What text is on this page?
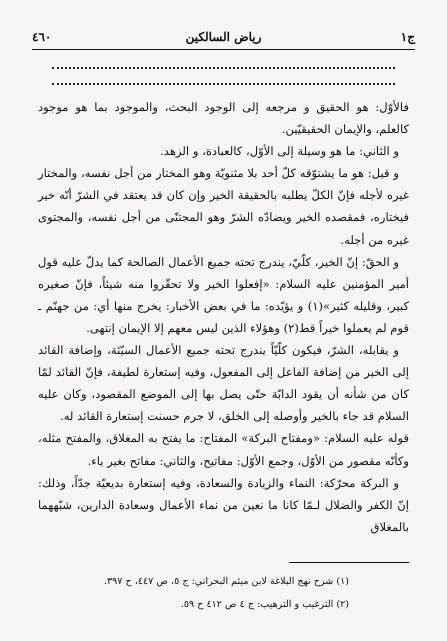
ج١
رياض السالكين
٤٦٠

فالأوّل: هو الحقيق و مرجعه إلى الوجود البحث، والموجود بما هو موجود كالعلم، والإيمان الحقيقيّين.

و الثاني: ما هو وسيلة إلى الأوّل، كالعبادة، و الزهد.

و قيل: هو ما يشتوّقه كلّ أحد بلا مثنويّة وهو المختار من أجل نفسه، والمختار غيره لأجله فإنّ الكلّ يطلبه بالحقيقة الخير وإن كان قد يعتقد في الشرّ أنّه خير فيختاره، فمقصده الخير ويضادّه الشرّ وهو المجتنّى من أجل نفسه، والمجتوى غيره من أجله.

و الحقّ: إنّ الخير، كلّيّ، يندرج تحته جميع الأعمال الصالحة كما يدلّ عليه قول أمير المؤمنين عليه السلام: «إفعلوا الخير ولا تحقّروا منه شيئاً، فإنّ صغيره كبير، وقليله كثير»(١) و يؤيّده: ما في بعض الأخبار: يخرج منها أي: من جهنّم ـ قوم لم يعملوا خيراً قط(٢) وهؤلاء الذين ليس معهم إلا الإيمان إنتهى.

و يقابله، الشرّ، فيكون كلّيّاً يندرج تحته جميع الأعمال السيّئة، وإضافة القائد إلى الخير من إضافة الفاعل إلى المفعول، وفيه إستعارة لطيفة، فإنّ القائد لمّا كان من شأنه أن يقود الدابّة حتّى يصل بها إلى الموضع المقصود، وكان عليه السلام قد جاء بالخير وأوصله إلى الخلق، لا جرم حسنت إستعارة القائد له.

قوله عليه السلام: «ومفتاح البركة» المفتاح: ما يفتح به المغلاق، والمفتح مثله، وكأنّه مقصور من الأوّل، وجمع الأوّل: مفاتيح، والثاني: مفاتح بغير ياء.

و البركة محرّكة: النماء والزيادة والسعادة، وفيه إستعارة بديعيّة جدّاً، وذلك: إنّ الكفر والضلال لـمّا كانا ما نعين من نماء الأعمال وسعادة الدارين، شبّههما بالمغلاق

(١) شرح نهج البلاغة لابن ميثم البحراني: ج ٥، ص ٤٤٧، ح ٣٩٧.
(٢) الترغيب و الترهيب: ج ٤ ص ٤١٢ ح ٥٩.
